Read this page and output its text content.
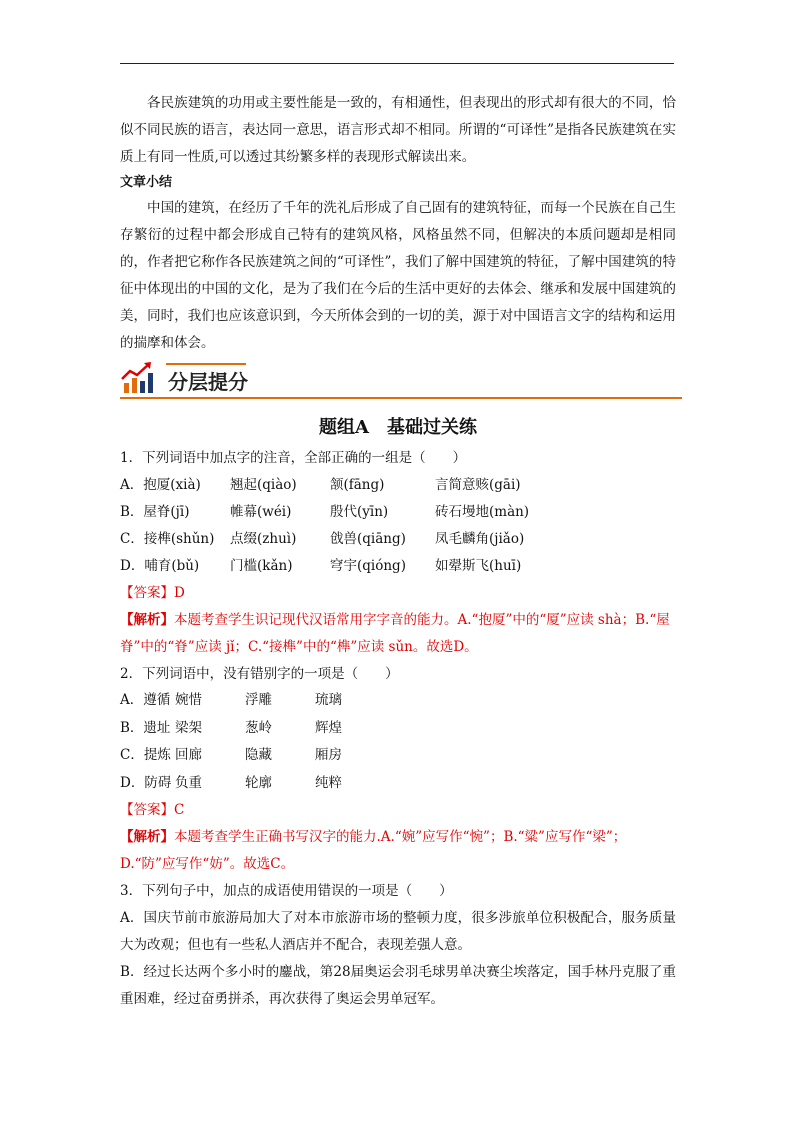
各民族建筑的功用或主要性能是一致的，有相通性，但表现出的形式却有很大的不同，恰似不同民族的语言，表达同一意思，语言形式却不相同。所谓的“可译性”是指各民族建筑在实质上有同一性质,可以透过其纷繁多样的表现形式解读出来。

文章小结

中国的建筑，在经历了千年的洗礼后形成了自己固有的建筑特征，而每一个民族在自己生存繁衍的过程中都会形成自己特有的建筑风格，风格虽然不同，但解决的本质问题却是相同的，作者把它称作各民族建筑之间的“可译性”，我们了解中国建筑的特征，了解中国建筑的特征中体现出的中国的文化，是为了我们在今后的生活中更好的去体会、继承和发展中国建筑的美，同时，我们也应该意识到，今天所体会到的一切的美，源于对中国语言文字的结构和运用的揣摩和体会。

分层提分
题组A　基础过关练

1．下列词语中加点字的注音，全部正确的一组是（　　）

A．抱厦(xià)	翘起(qiào)	颔(fāng)	言简意赅(gāi)
B．屋脊(jī)	帷幕(wéi)	殷代(yīn)	砖石墁地(màn)
C．接榫(shǔn)	点缀(zhuì)	戗兽(qiāng)	凤毛麟角(jiǎo)
D．哺育(bǔ)	门槛(kǎn)	穹宇(qióng)	如翚斯飞(huī)

【答案】D

【解析】本题考查学生识记现代汉语常用字字音的能力。A.“抱厦”中的“厦”应读 shà；B.“屋脊”中的“脊”应读 jǐ；C.“接榫”中的“榫”应读 sǔn。故选D。

2．下列词语中，没有错别字的一项是（　　）

A．遵循 婉惜	浮雕	琉璃
B．遗址 梁架	葱岭	辉煌
C．提炼 回廊	隐藏	厢房
D．防碍 负重	轮廓	纯粹

【答案】C

【解析】本题考查学生正确书写汉字的能力.A.“婉”应写作“惋”；B.“粱”应写作“梁”；D.“防”应写作“妨”。故选C。

3．下列句子中，加点的成语使用错误的一项是（　　）

A．国庆节前市旅游局加大了对本市旅游市场的整顿力度，很多涉旅单位积极配合，服务质量大为改观；但也有一些私人酒店并不配合，表现差强人意。

B．经过长达两个多小时的鏖战，第28届奥运会羽毛球男单决赛尘埃落定，国手林丹克服了重重困难，经过奋勇拼杀，再次获得了奥运会男单冠军。
